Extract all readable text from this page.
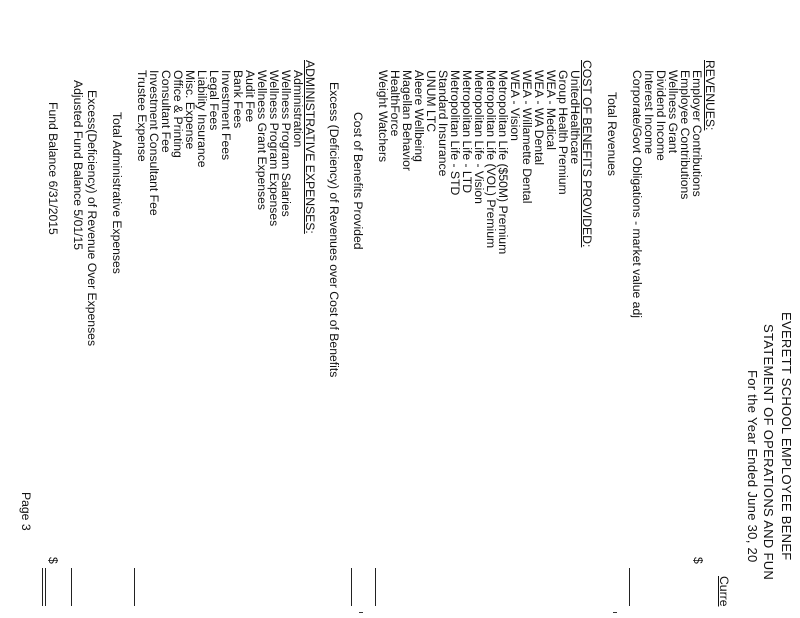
EVERETT SCHOOL EMPLOYEE BENEF
STATEMENT OF OPERATIONS AND FUN
For the Year Ended June 30, 20
Curre
REVENUES:
Employer Contributions
Employee Contributions
Wellness Grant
Dividend Income
Interest Income
Corporate/Govt Obligations - market value adj
$
Total Revenues
COST OF BENEFITS PROVIDED:
UnitedHealthcare
Group Health Premium
WEA - Medical
WEA - WA Dental
WEA - Willamette Dental
WEA - Vision
Metropolitan Life ($50M) Premium
Metropolitan Life (VOL) Premium
Metropolitan Life - Vision
Metropolitan Life - LTD
Metropolitan Life - STD
Standard Insurance
UNUM LTC
Aleere Wellbeing
Magellan Behavior
HealthForce
Weight Watchers
Cost of Benefits Provided
Excess (Deficiency) of Revenues over Cost of Benefits
ADMINISTRATIVE EXPENSES:
Administration
Wellness Program Salaries
Wellness Program Expenses
Wellness Grant Expenses
Audit Fee
Bank Fees
Investment Fees
Legal Fees
Liability Insurance
Misc. Expense
Office & Printing
Consultant Fee
Investment Consultant Fee
Trustee Expense
Total Administrative Expenses
Excess(Deficiency) of Revenue Over Expenses
Adjusted Fund Balance 5/01/15
Fund Balance 6/31/2015
$
Page 3
